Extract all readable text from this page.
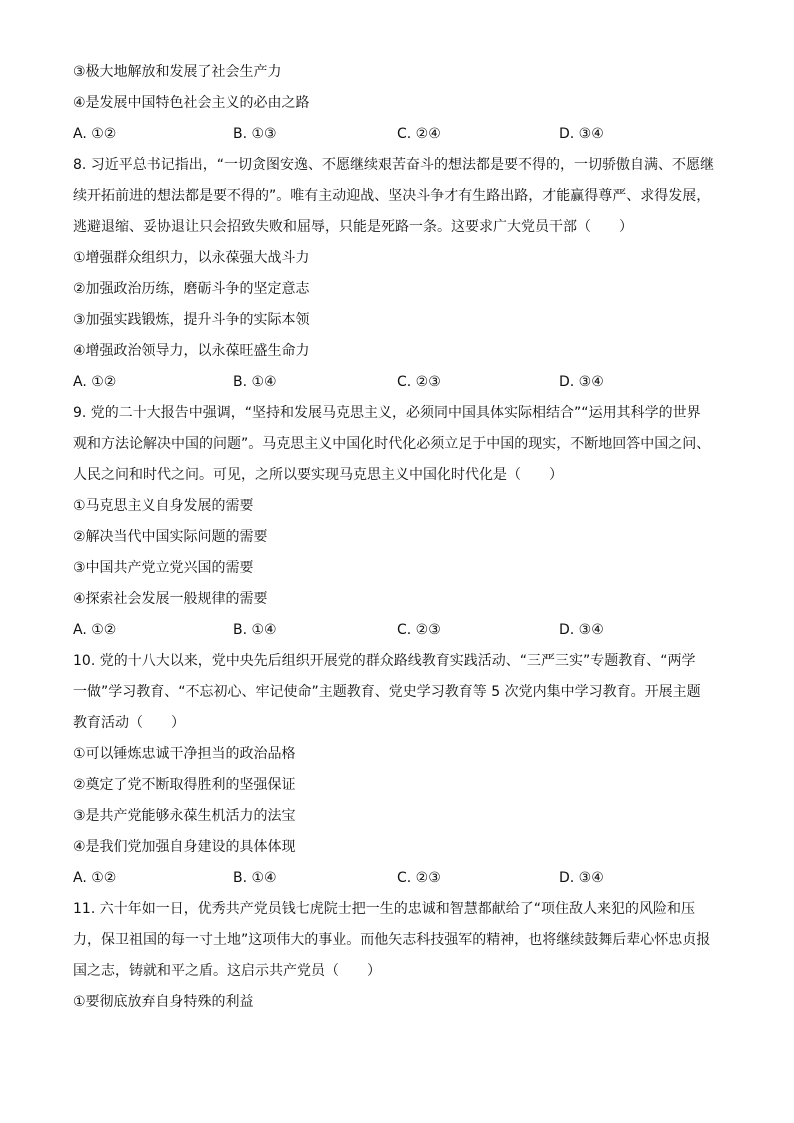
③极大地解放和发展了社会生产力
④是发展中国特色社会主义的必由之路
A. ①②	B. ①③	C. ②④	D. ③④
8. 习近平总书记指出，“一切贪图安逸、不愿继续艰苦奋斗的想法都是要不得的，一切骄傲自满、不愿继
续开拓前进的想法都是要不得的”。唯有主动迎战、坚决斗争才有生路出路，才能赢得尊严、求得发展，
逃避退缩、妥协退让只会招致失败和屈辱，只能是死路一条。这要求广大党员干部（　　）
①增强群众组织力，以永葆强大战斗力
②加强政治历练，磨砺斗争的坚定意志
③加强实践锻炼，提升斗争的实际本领
④增强政治领导力，以永葆旺盛生命力
A. ①②	B. ①④	C. ②③	D. ③④
9. 党的二十大报告中强调，“坚持和发展马克思主义，必须同中国具体实际相结合”“运用其科学的世界
观和方法论解决中国的问题”。马克思主义中国化时代化必须立足于中国的现实，不断地回答中国之问、
人民之问和时代之问。可见，之所以要实现马克思主义中国化时代化是（　　）
①马克思主义自身发展的需要
②解决当代中国实际问题的需要
③中国共产党立党兴国的需要
④探索社会发展一般规律的需要
A. ①②	B. ①④	C. ②③	D. ③④
10. 党的十八大以来，党中央先后组织开展党的群众路线教育实践活动、“三严三实”专题教育、“两学
一做”学习教育、“不忘初心、牢记使命”主题教育、党史学习教育等 5 次党内集中学习教育。开展主题
教育活动（　　）
①可以锤炼忠诚干净担当的政治品格
②奠定了党不断取得胜利的坚强保证
③是共产党能够永葆生机活力的法宝
④是我们党加强自身建设的具体体现
A. ①②	B. ①④	C. ②③	D. ③④
11. 六十年如一日，优秀共产党员钱七虎院士把一生的忠诚和智慧都献给了“项住敌人来犯的风险和压
力，保卫祖国的每一寸土地”这项伟大的事业。而他矢志科技强军的精神，也将继续鼓舞后辈心怀忠贞报
国之志，铸就和平之盾。这启示共产党员（　　）
①要彻底放弃自身特殊的利益
